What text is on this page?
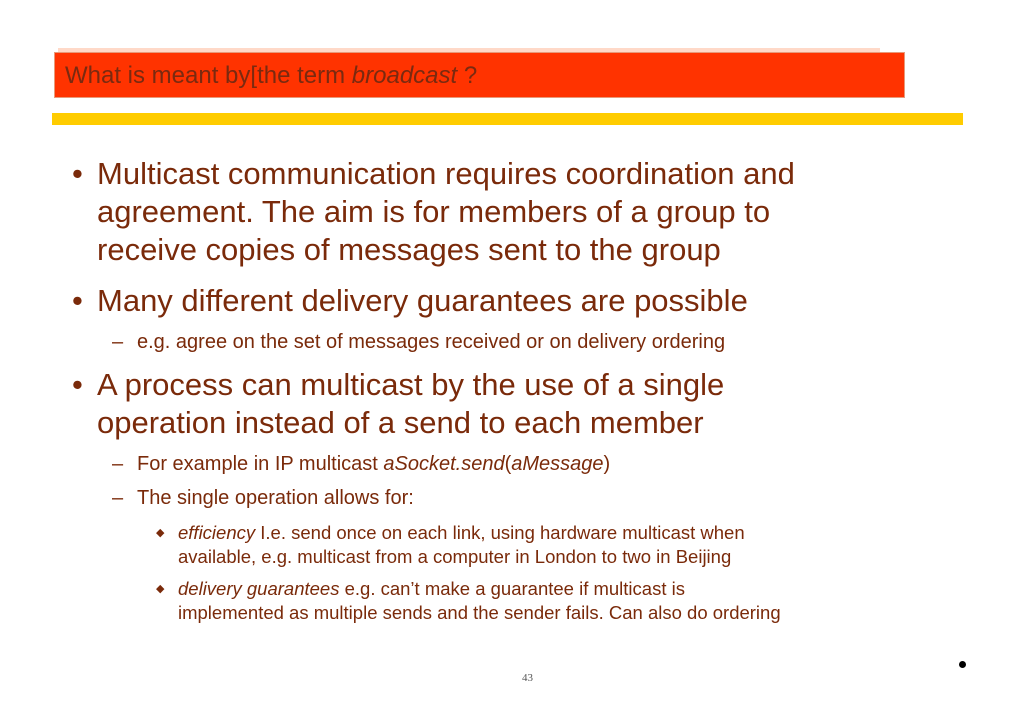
What is meant by[the term broadcast ?
• Multicast communication requires coordination and
agreement. The aim is for members of a group to
receive copies of messages sent to the group
• Many different delivery guarantees are possible
– e.g. agree on the set of messages received or on delivery ordering
• A process can multicast by the use of a single
operation instead of a send to each member
– For example in IP multicast aSocket.send(aMessage)
– The single operation allows for:
◆ efficiency I.e. send once on each link, using hardware multicast when
available, e.g. multicast from a computer in London to two in Beijing
◆ delivery guarantees e.g. can’t make a guarantee if multicast is
implemented as multiple sends and the sender fails. Can also do ordering
43
